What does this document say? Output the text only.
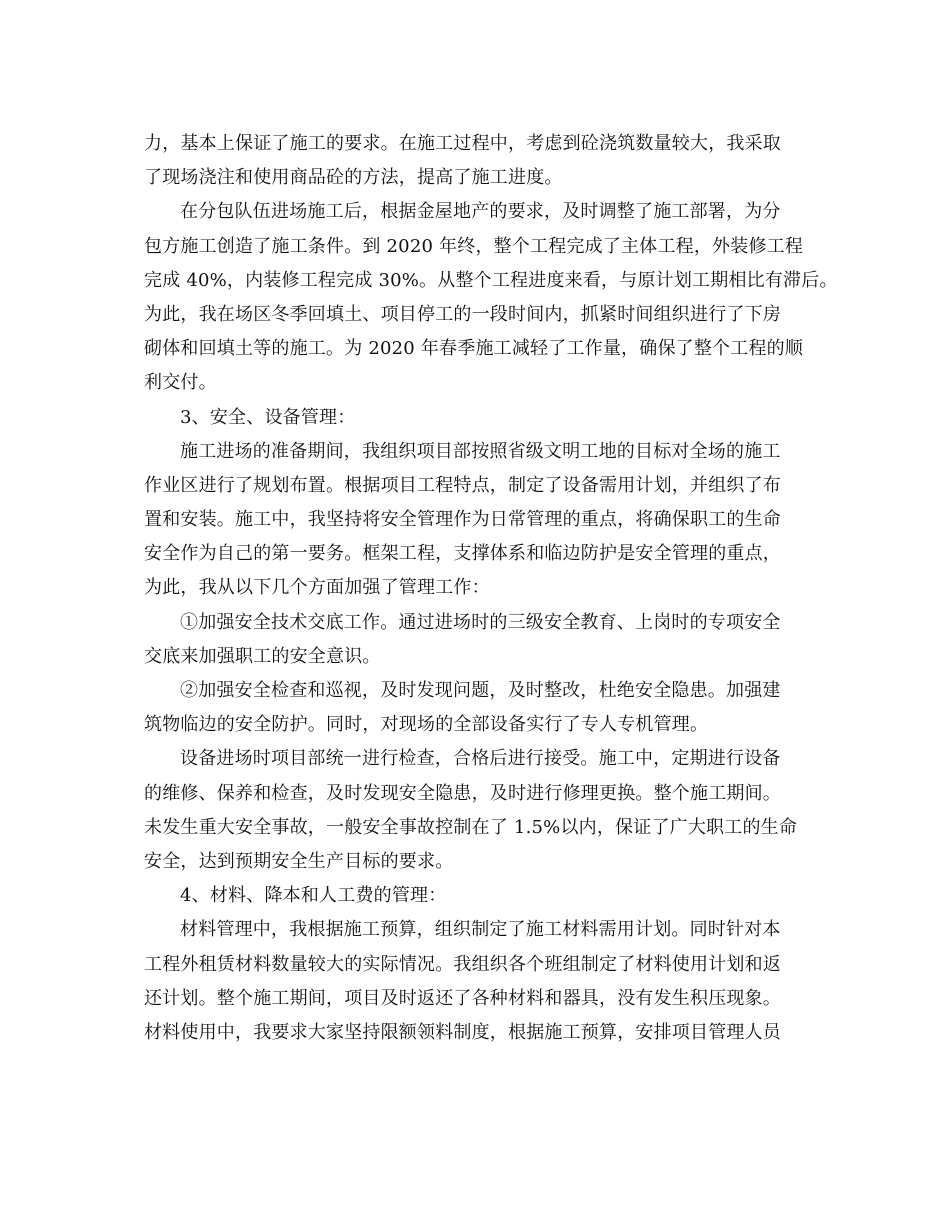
力，基本上保证了施工的要求。在施工过程中，考虑到砼浇筑数量较大，我采取
了现场浇注和使用商品砼的方法，提高了施工进度。
在分包队伍进场施工后，根据金屋地产的要求，及时调整了施工部署，为分
包方施工创造了施工条件。到 2020 年终，整个工程完成了主体工程，外装修工程
完成 40%，内装修工程完成 30%。从整个工程进度来看，与原计划工期相比有滞后。
为此，我在场区冬季回填土、项目停工的一段时间内，抓紧时间组织进行了下房
砌体和回填土等的施工。为 2020 年春季施工减轻了工作量，确保了整个工程的顺
利交付。
3、安全、设备管理：
施工进场的准备期间，我组织项目部按照省级文明工地的目标对全场的施工
作业区进行了规划布置。根据项目工程特点，制定了设备需用计划，并组织了布
置和安装。施工中，我坚持将安全管理作为日常管理的重点，将确保职工的生命
安全作为自己的第一要务。框架工程，支撑体系和临边防护是安全管理的重点，
为此，我从以下几个方面加强了管理工作：
①加强安全技术交底工作。通过进场时的三级安全教育、上岗时的专项安全
交底来加强职工的安全意识。
②加强安全检查和巡视，及时发现问题，及时整改，杜绝安全隐患。加强建
筑物临边的安全防护。同时，对现场的全部设备实行了专人专机管理。
设备进场时项目部统一进行检查，合格后进行接受。施工中，定期进行设备
的维修、保养和检查，及时发现安全隐患，及时进行修理更换。整个施工期间。
未发生重大安全事故，一般安全事故控制在了 1.5%以内，保证了广大职工的生命
安全，达到预期安全生产目标的要求。
4、材料、降本和人工费的管理：
材料管理中，我根据施工预算，组织制定了施工材料需用计划。同时针对本
工程外租赁材料数量较大的实际情况。我组织各个班组制定了材料使用计划和返
还计划。整个施工期间，项目及时返还了各种材料和器具，没有发生积压现象。
材料使用中，我要求大家坚持限额领料制度，根据施工预算，安排项目管理人员
